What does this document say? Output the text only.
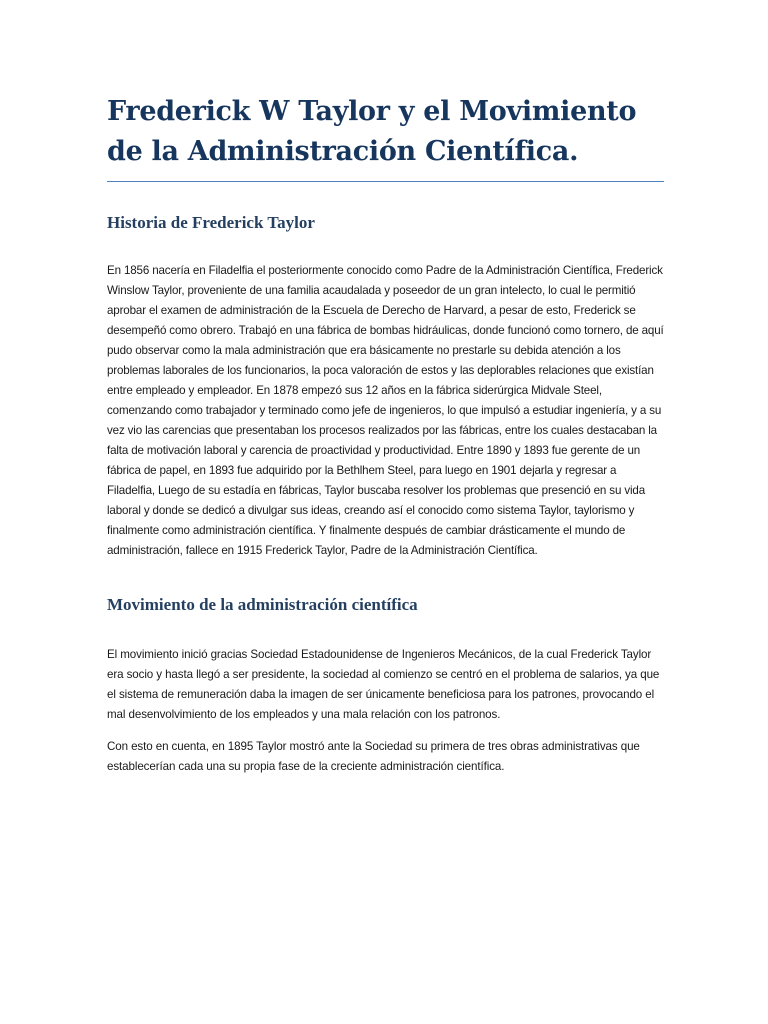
Frederick W Taylor y el Movimiento
de la Administración Científica.
Historia de Frederick Taylor

En 1856 nacería en Filadelfia el posteriormente conocido como Padre de la Administración Científica, Frederick Winslow Taylor, proveniente de una familia acaudalada y poseedor de un gran intelecto, lo cual le permitió aprobar el examen de administración de la Escuela de Derecho de Harvard, a pesar de esto, Frederick se desempeñó como obrero. Trabajó en una fábrica de bombas hidráulicas, donde funcionó como tornero, de aquí pudo observar como la mala administración que era básicamente no prestarle su debida atención a los problemas laborales de los funcionarios, la poca valoración de estos y las deplorables relaciones que existían entre empleado y empleador. En 1878 empezó sus 12 años en la fábrica siderúrgica Midvale Steel, comenzando como trabajador y terminado como jefe de ingenieros, lo que impulsó a estudiar ingeniería, y a su vez vio las carencias que presentaban los procesos realizados por las fábricas, entre los cuales destacaban la falta de motivación laboral y carencia de proactividad y productividad. Entre 1890 y 1893 fue gerente de un fábrica de papel, en 1893 fue adquirido por la Bethlhem Steel, para luego en 1901 dejarla y regresar a Filadelfia, Luego de su estadía en fábricas, Taylor buscaba resolver los problemas que presenció en su vida laboral y donde se dedicó a divulgar sus ideas, creando así el conocido como sistema Taylor, taylorismo y finalmente como administración científica. Y finalmente después de cambiar drásticamente el mundo de administración, fallece en 1915 Frederick Taylor, Padre de la Administración Científica.

Movimiento de la administración científica

El movimiento inició gracias Sociedad Estadounidense de Ingenieros Mecánicos, de la cual Frederick Taylor era socio y hasta llegó a ser presidente, la sociedad al comienzo se centró en el problema de salarios, ya que el sistema de remuneración daba la imagen de ser únicamente beneficiosa para los patrones, provocando el mal desenvolvimiento de los empleados y una mala relación con los patronos.

Con esto en cuenta, en 1895 Taylor mostró ante la Sociedad su primera de tres obras administrativas que establecerían cada una su propia fase de la creciente administración científica.
